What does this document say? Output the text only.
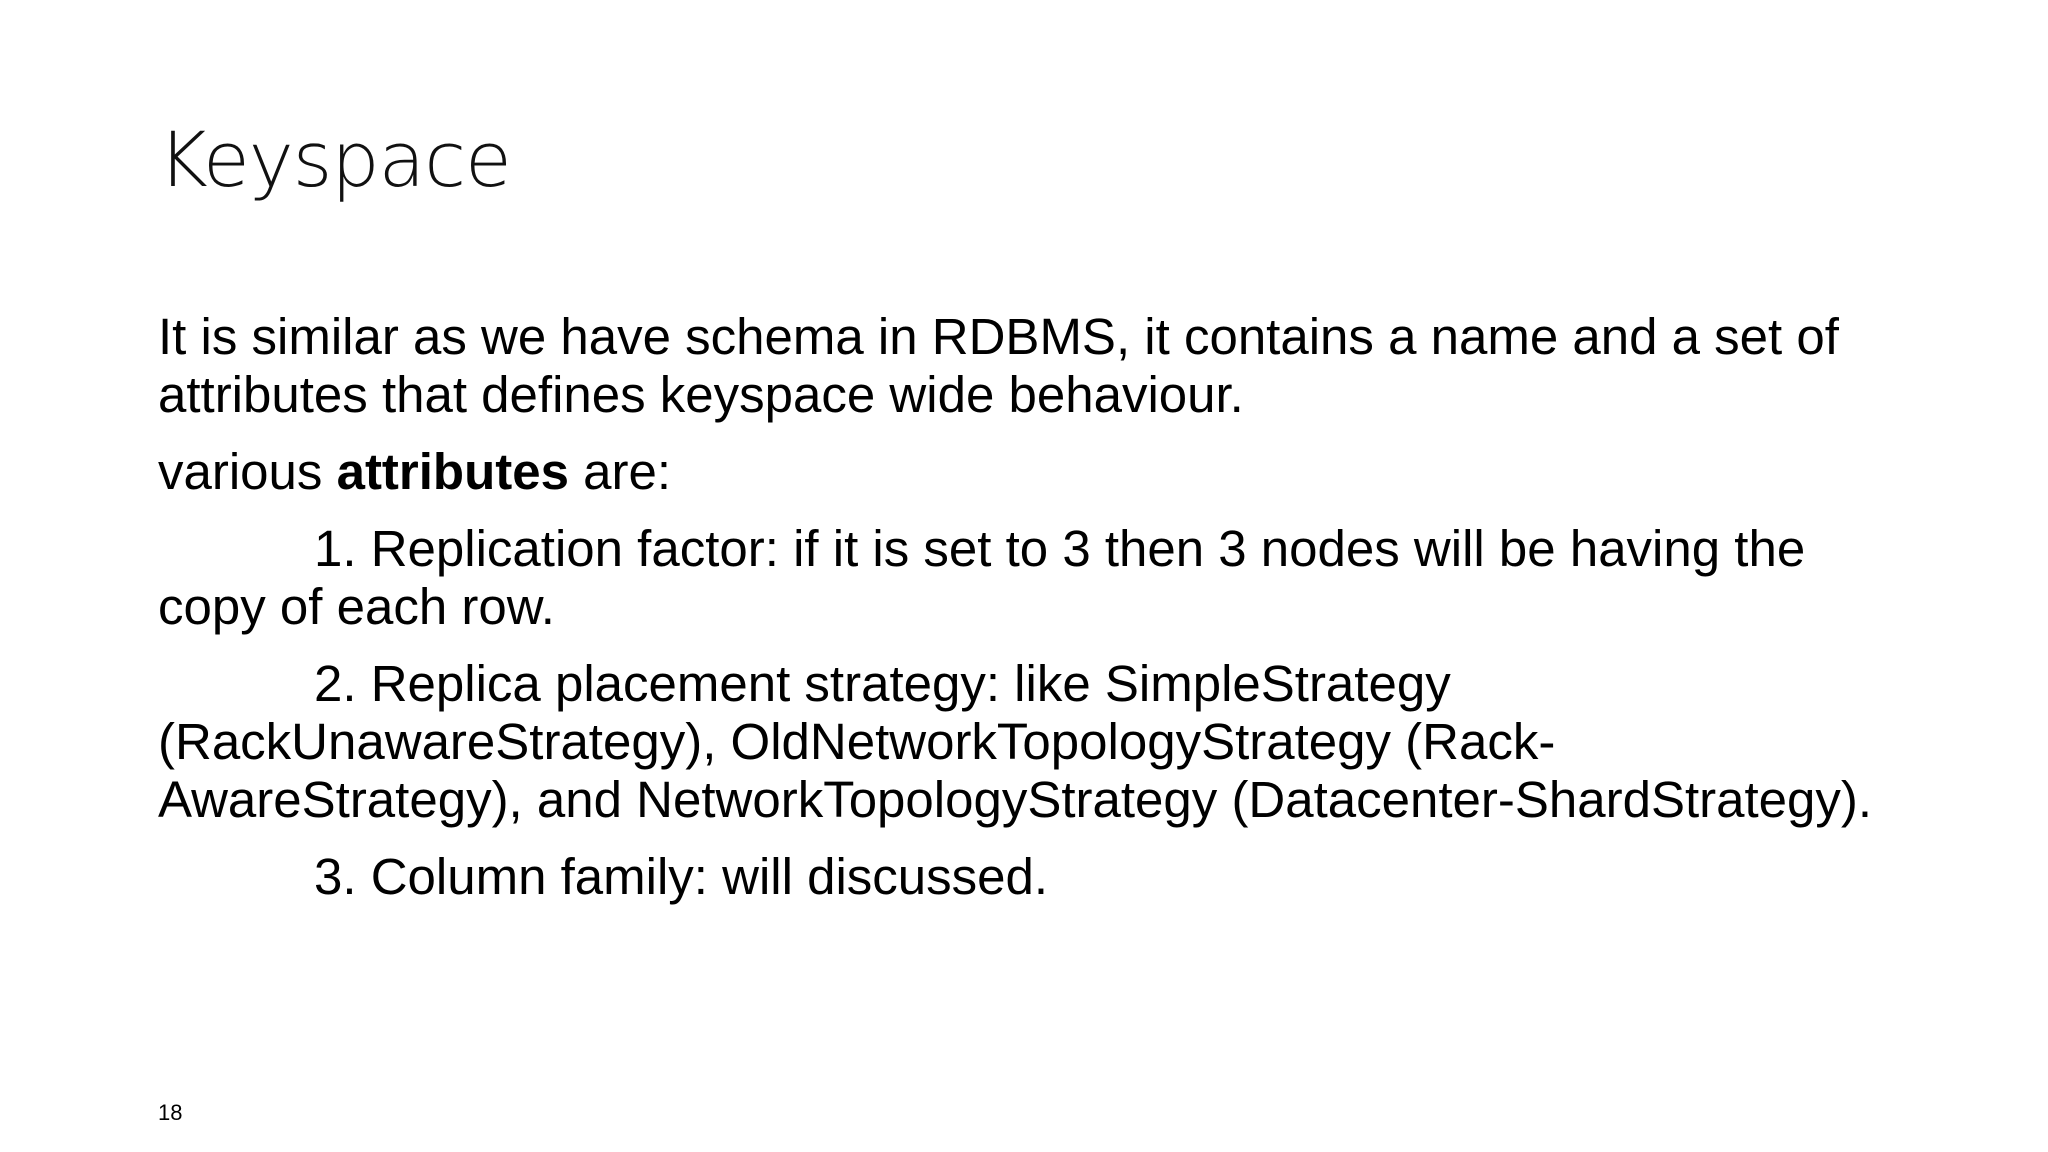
Keyspace

It is similar as we have schema in RDBMS, it contains a name and a set of attributes that defines keyspace wide behaviour.

various attributes are:

1. Replication factor: if it is set to 3 then 3 nodes will be having the copy of each row.

2. Replica placement strategy: like SimpleStrategy (RackUnawareStrategy), OldNetworkTopologyStrategy (Rack-AwareStrategy), and NetworkTopologyStrategy (Datacenter-ShardStrategy).

3. Column family: will discussed.

18
